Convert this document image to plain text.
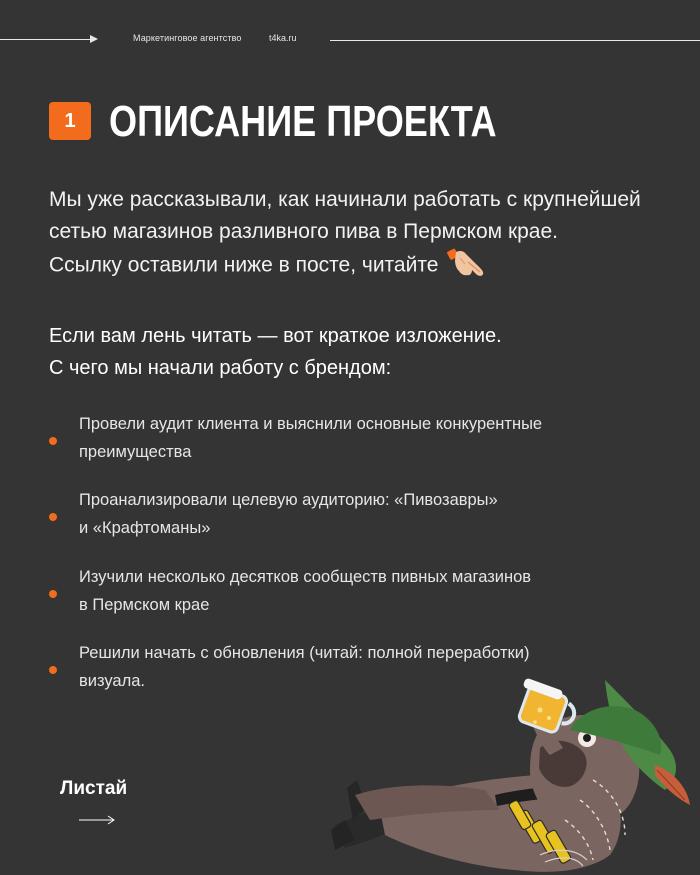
Маркетинговое агентство	t4ka.ru
1 ОПИСАНИЕ ПРОЕКТА
Мы уже рассказывали, как начинали работать с крупнейшей
сетью магазинов разливного пива в Пермском крае.
Ссылку оставили ниже в посте, читайте
Если вам лень читать — вот краткое изложение.
С чего мы начали работу с брендом:
Провели аудит клиента и выяснили основные конкурентные
преимущества
Проанализировали целевую аудиторию: «Пивозавры»
и «Крафтоманы»
Изучили несколько десятков сообществ пивных магазинов
в Пермском крае
Решили начать с обновления (читай: полной переработки)
визуала.
Листай
